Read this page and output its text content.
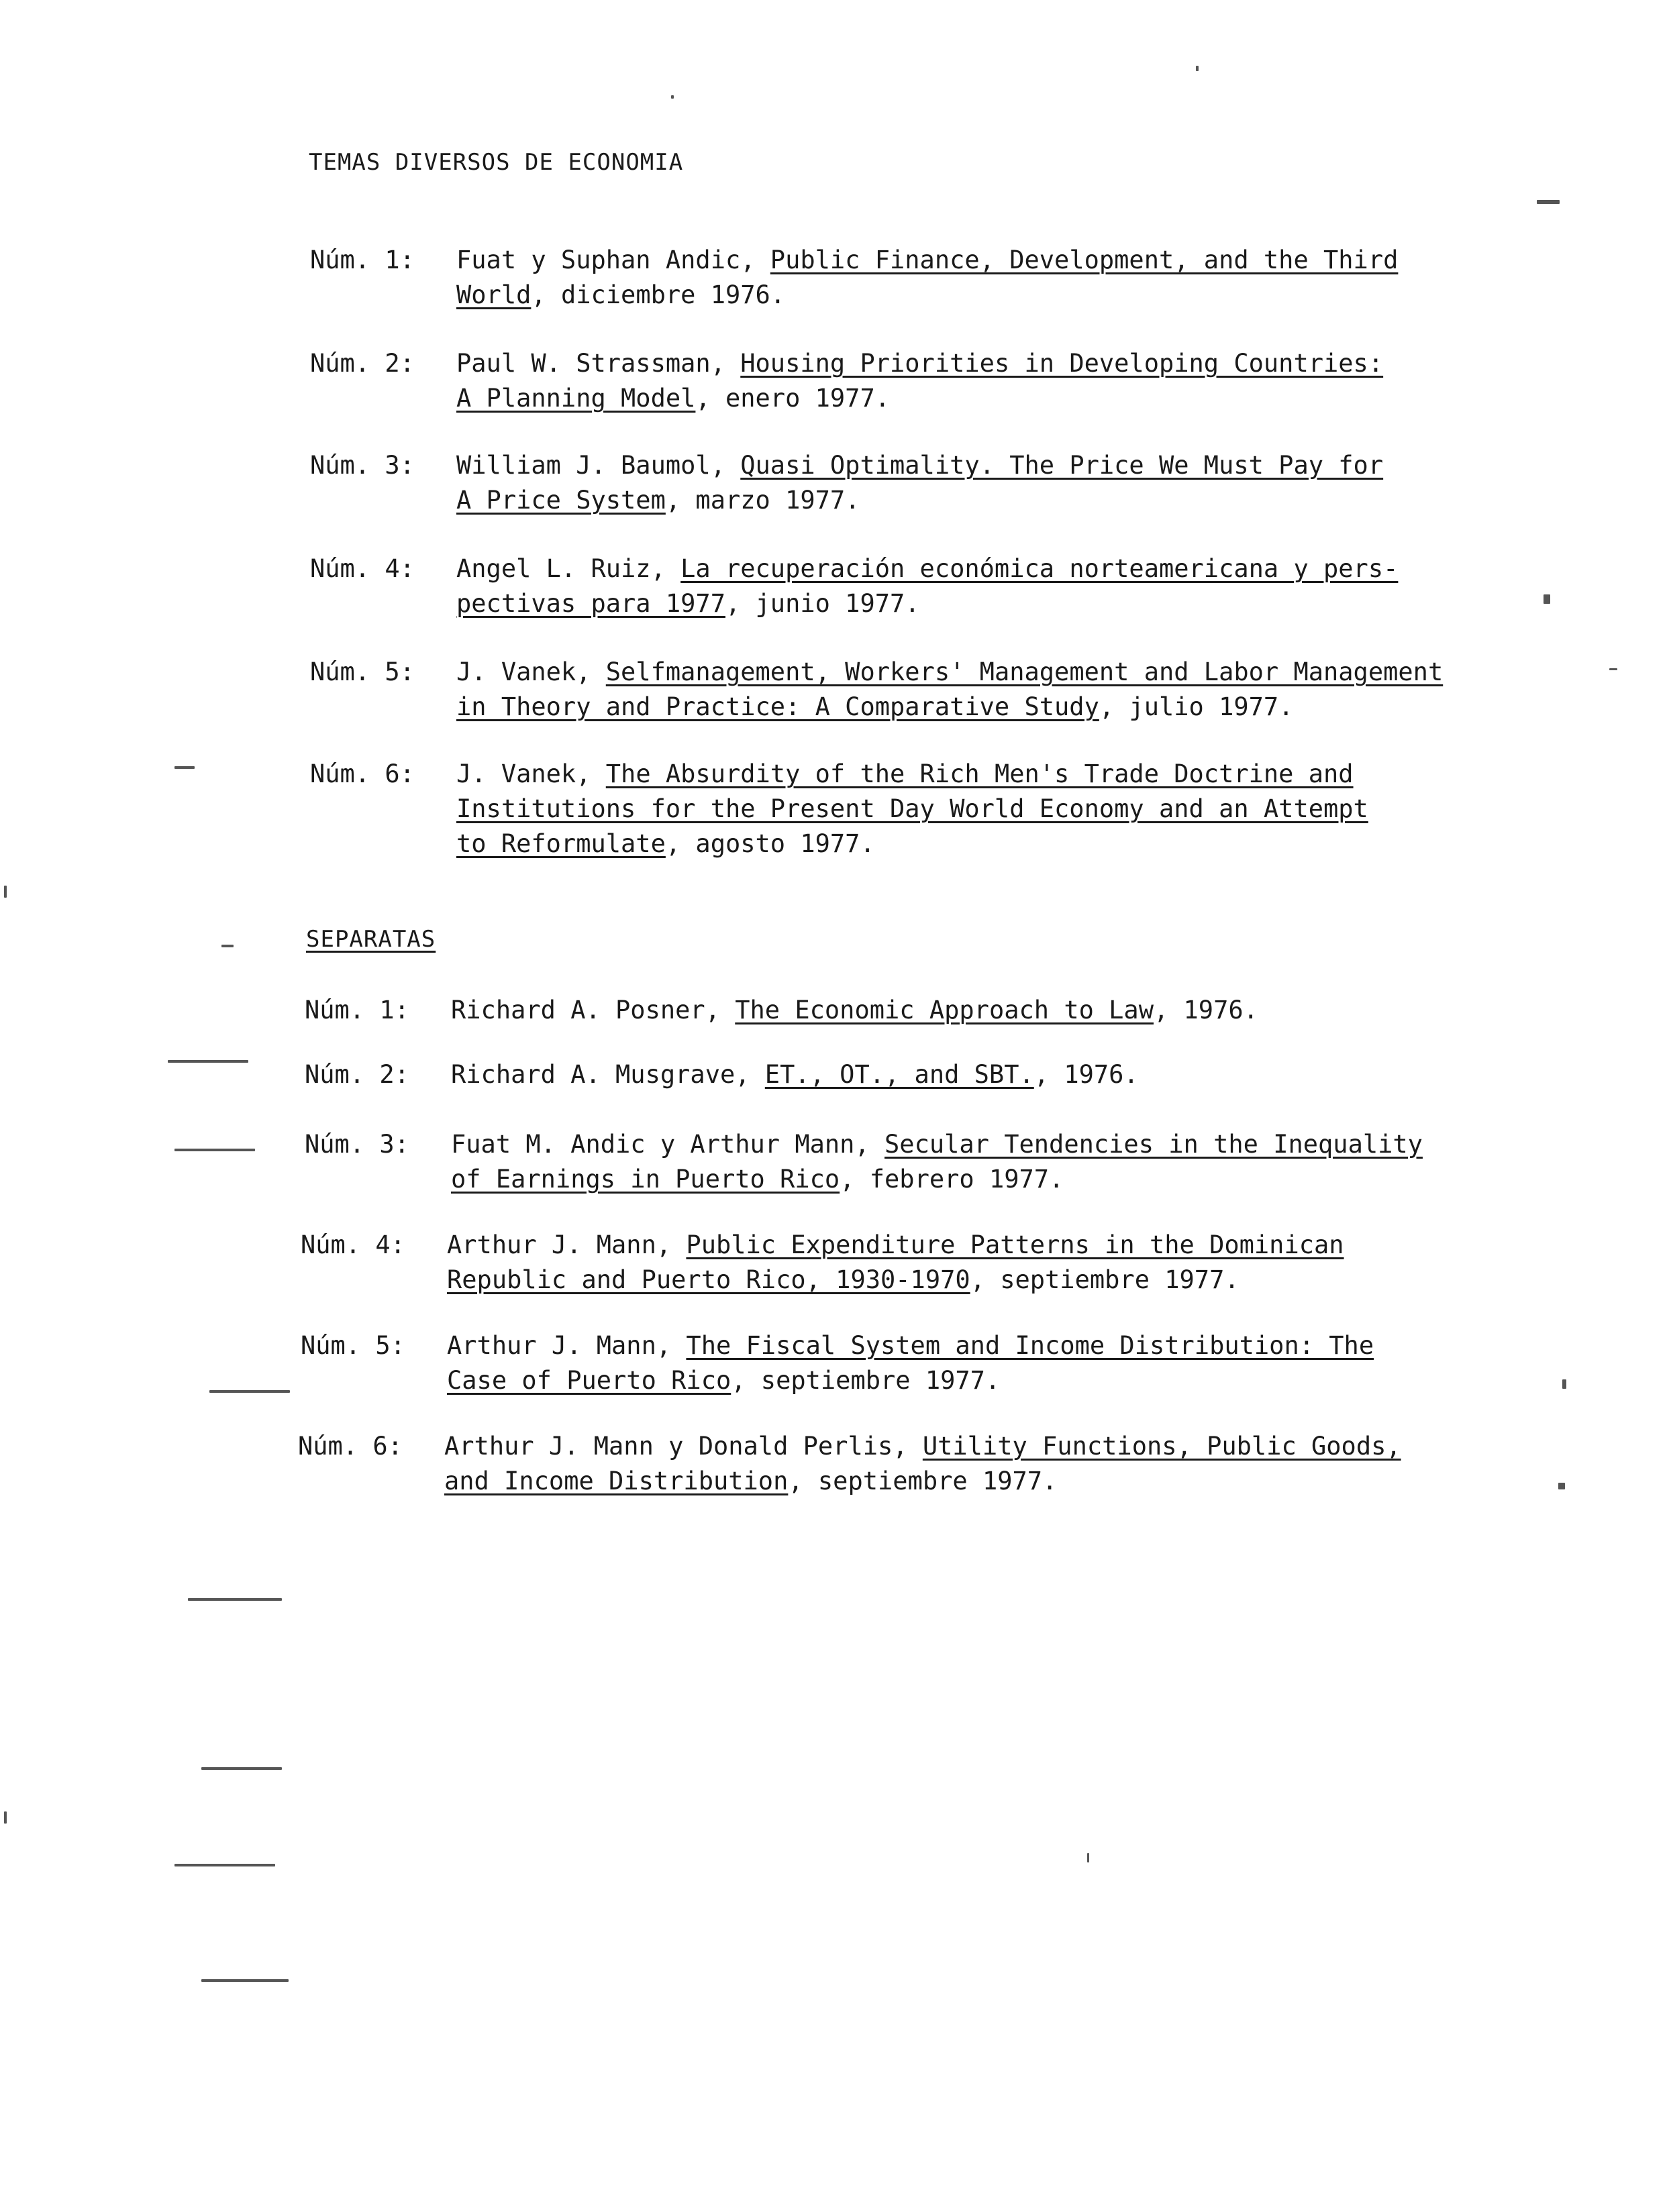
TEMAS DIVERSOS DE ECONOMIA
Núm. 1: Fuat y Suphan Andic, Public Finance, Development, and the Third
World, diciembre 1976.
Núm. 2: Paul W. Strassman, Housing Priorities in Developing Countries:
A Planning Model, enero 1977.
Núm. 3: William J. Baumol, Quasi Optimality. The Price We Must Pay for
A Price System, marzo 1977.
Núm. 4: Angel L. Ruiz, La recuperación económica norteamericana y pers-
pectivas para 1977, junio 1977.
Núm. 5: J. Vanek, Selfmanagement, Workers' Management and Labor Management
in Theory and Practice: A Comparative Study, julio 1977.
Núm. 6: J. Vanek, The Absurdity of the Rich Men's Trade Doctrine and
Institutions for the Present Day World Economy and an Attempt
to Reformulate, agosto 1977.
SEPARATAS
Núm. 1: Richard A. Posner, The Economic Approach to Law, 1976.
Núm. 2: Richard A. Musgrave, ET., OT., and SBT., 1976.
Núm. 3: Fuat M. Andic y Arthur Mann, Secular Tendencies in the Inequality
of Earnings in Puerto Rico, febrero 1977.
Núm. 4: Arthur J. Mann, Public Expenditure Patterns in the Dominican
Republic and Puerto Rico, 1930-1970, septiembre 1977.
Núm. 5: Arthur J. Mann, The Fiscal System and Income Distribution: The
Case of Puerto Rico, septiembre 1977.
Núm. 6: Arthur J. Mann y Donald Perlis, Utility Functions, Public Goods,
and Income Distribution, septiembre 1977.
